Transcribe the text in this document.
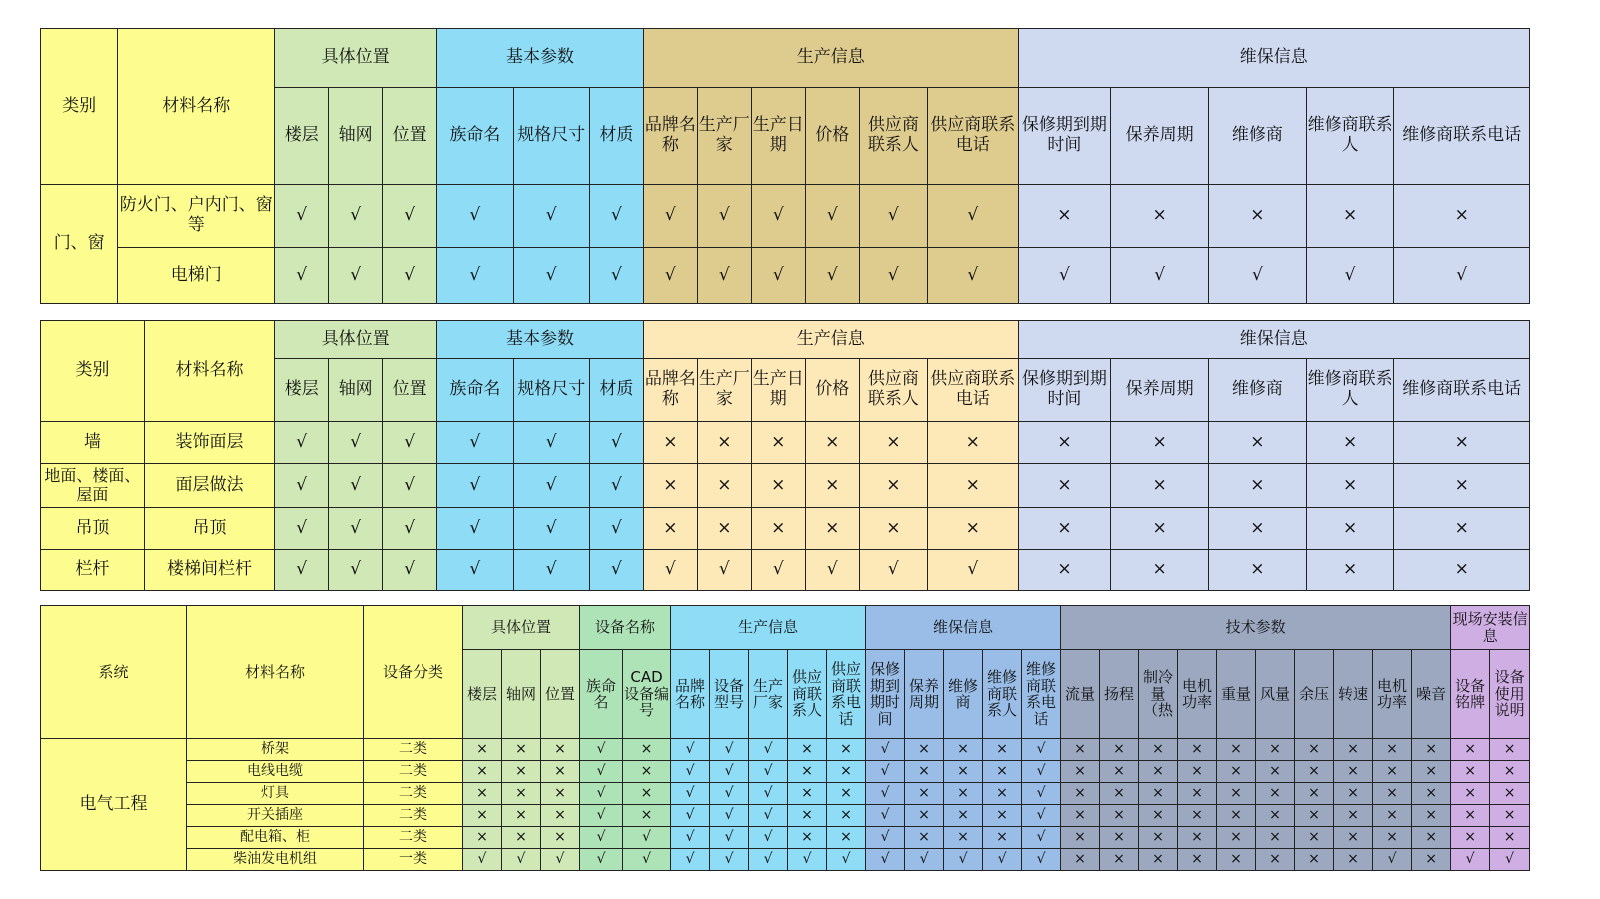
类别	材料名称	具体位置			基本参数			生产信息						维保信息				
		楼层	轴网	位置	族命名	规格尺寸	材质	品牌名称	生产厂家	生产日期	价格	供应商联系人	供应商联系电话	保修期到期时间	保养周期	维修商	维修商联系人	维修商联系电话
门、窗	防火门、户内门、窗等	√	√	√	√	√	√	√	√	√	√	√	√	×	×	×	×	×
	电梯门	√	√	√	√	√	√	√	√	√	√	√	√	√	√	√	√	√
类别	材料名称	具体位置			基本参数			生产信息						维保信息				
		楼层	轴网	位置	族命名	规格尺寸	材质	品牌名称	生产厂家	生产日期	价格	供应商联系人	供应商联系电话	保修期到期时间	保养周期	维修商	维修商联系人	维修商联系电话
墙	装饰面层	√	√	√	√	√	√	×	×	×	×	×	×	×	×	×	×	×
地面、楼面、屋面	面层做法	√	√	√	√	√	√	×	×	×	×	×	×	×	×	×	×	×
吊顶	吊顶	√	√	√	√	√	√	×	×	×	×	×	×	×	×	×	×	×
栏杆	楼梯间栏杆	√	√	√	√	√	√	√	√	√	√	√	√	×	×	×	×	×
系统	材料名称	设备分类	具体位置			设备名称		生产信息					维保信息					技术参数										现场安装信息	
			楼层	轴网	位置	族命名	CAD设备编号	品牌名称	设备型号	生产厂家	供应商联系人	供应商联系电话	保修期到期时间	保养周期	维修商	维修商联系人	维修商联系电话	流量	扬程	制冷量（热	电机功率	重量	风量	余压	转速	电机功率	噪音	设备铭牌	设备使用说明
电气工程	桥架	二类	×	×	×	√	×	√	√	√	×	×	√	×	×	×	√	×	×	×	×	×	×	×	×	×	×	×	×
	电线电缆	二类	×	×	×	√	×	√	√	√	×	×	√	×	×	×	√	×	×	×	×	×	×	×	×	×	×	×	×
	灯具	二类	×	×	×	√	×	√	√	√	×	×	√	×	×	×	√	×	×	×	×	×	×	×	×	×	×	×	×
	开关插座	二类	×	×	×	√	×	√	√	√	×	×	√	×	×	×	√	×	×	×	×	×	×	×	×	×	×	×	×
	配电箱、柜	二类	×	×	×	√	√	√	√	√	×	×	√	×	×	×	√	×	×	×	×	×	×	×	×	×	×	×	×
	柴油发电机组	一类	√	√	√	√	√	√	√	√	√	√	√	√	√	√	√	×	×	×	×	×	×	×	×	√	×	√	√
